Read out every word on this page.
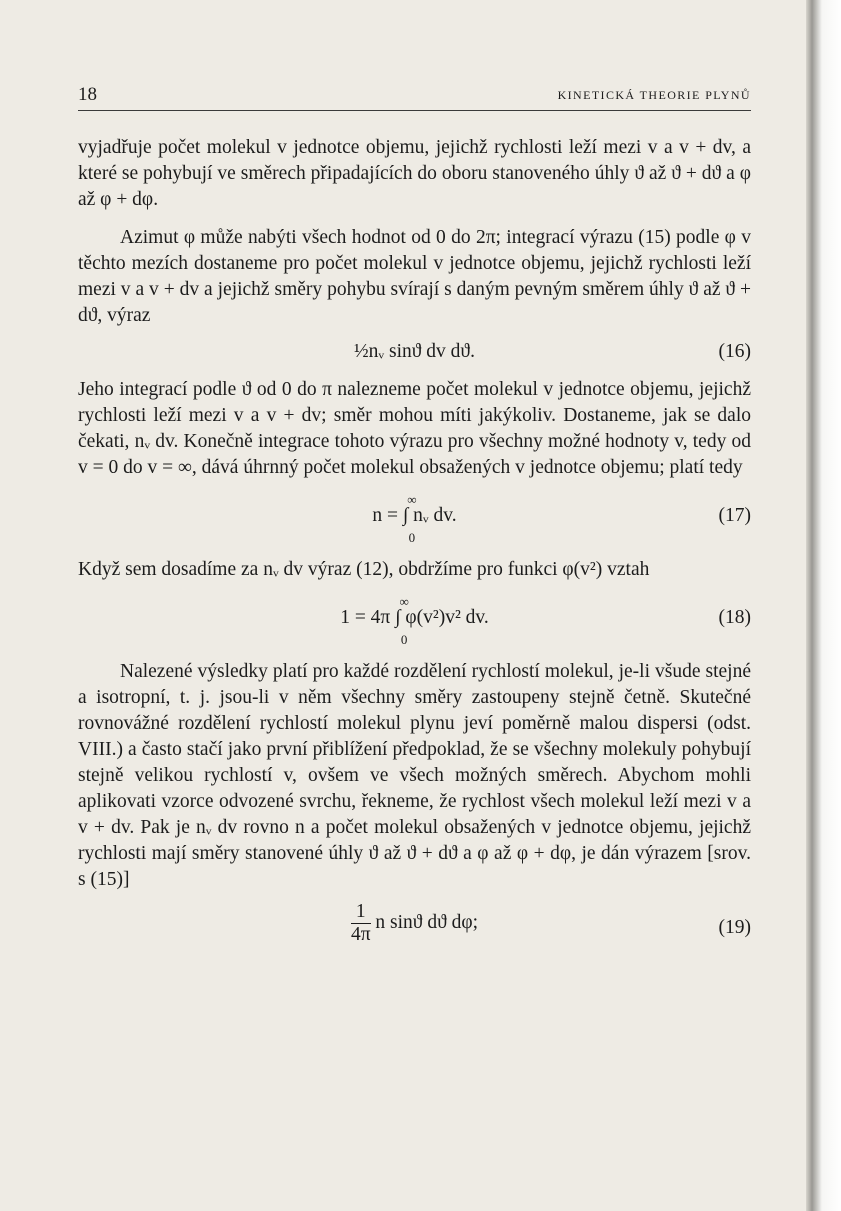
18	KINETICKÁ THEORIE PLYNŮ

vyjadřuje počet molekul v jednotce objemu, jejichž rychlosti leží mezi v a v + dv, a které se pohybují ve směrech připadajících do oboru stanoveného úhly ϑ až ϑ + dϑ a φ až φ + dφ.

Azimut φ může nabýti všech hodnot od 0 do 2π; integrací výrazu (15) podle φ v těchto mezích dostaneme pro počet molekul v jednotce objemu, jejichž rychlosti leží mezi v a v + dv a jejichž směry pohybu svírají s daným pevným směrem úhly ϑ až ϑ + dϑ, výraz

½nᵥ sinϑ dv dϑ.	(16)

Jeho integrací podle ϑ od 0 do π nalezneme počet molekul v jednotce objemu, jejichž rychlosti leží mezi v a v + dv; směr mohou míti jakýkoliv. Dostaneme, jak se dalo čekati, nᵥ dv. Konečně integrace tohoto výrazu pro všechny možné hodnoty v, tedy od v = 0 do v = ∞, dává úhrnný počet molekul obsažených v jednotce objemu; platí tedy

n =
∞
∫
0
nᵥ dv.	(17)

Když sem dosadíme za nᵥ dv výraz (12), obdržíme pro funkci φ(v²) vztah

1 = 4π
∞
∫
0
φ(v²)v² dv.	(18)

Nalezené výsledky platí pro každé rozdělení rychlostí molekul, je-li všude stejné a isotropní, t. j. jsou-li v něm všechny směry zastoupeny stejně četně. Skutečné rovnovážné rozdělení rychlostí molekul plynu jeví poměrně malou dispersi (odst. VIII.) a často stačí jako první přiblížení předpoklad, že se všechny molekuly pohybují stejně velikou rychlostí v, ovšem ve všech možných směrech. Abychom mohli aplikovati vzorce odvozené svrchu, řekneme, že rychlost všech molekul leží mezi v a v + dv. Pak je nᵥ dv rovno n a počet molekul obsažených v jednotce objemu, jejichž rychlosti mají směry stanovené úhly ϑ až ϑ + dϑ a φ až φ + dφ, je dán výrazem [srov. s (15)]

$\frac{1}{4\pi}$ n sinϑ dϑ dφ;	(19)
